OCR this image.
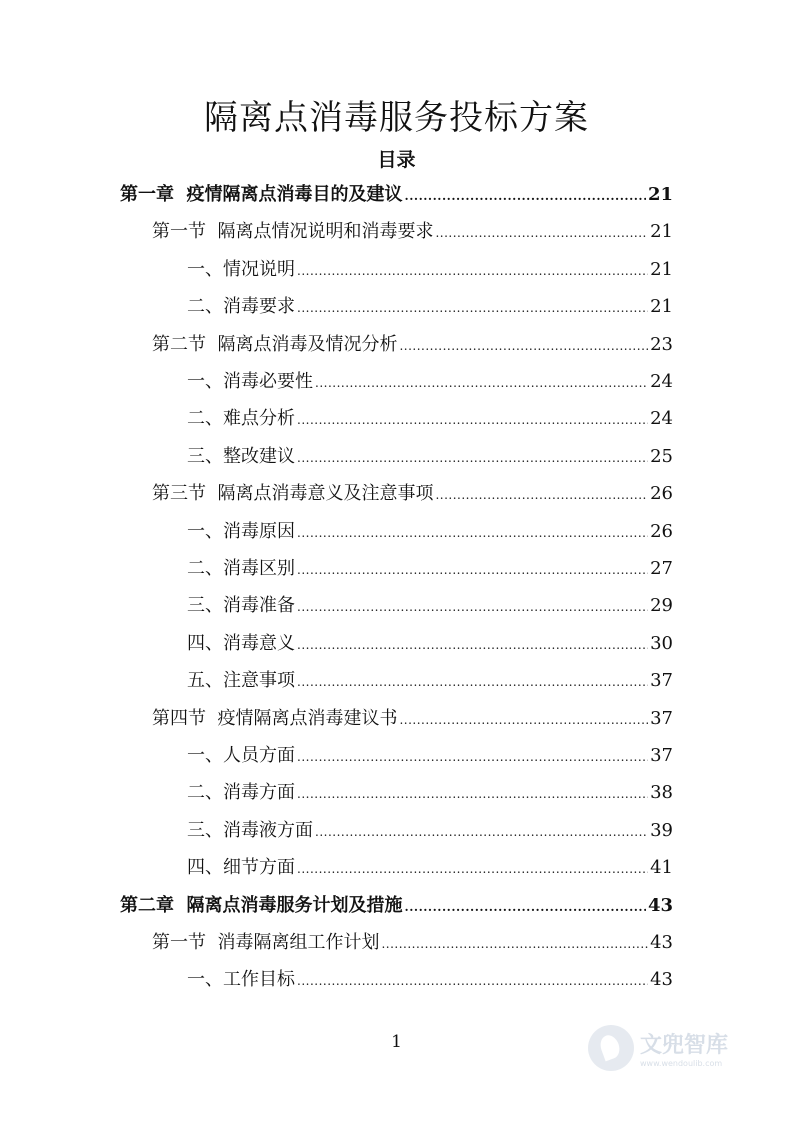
隔离点消毒服务投标方案
目录
第一章  疫情隔离点消毒目的及建议 .....	21
第一节  隔离点情况说明和消毒要求 .....	21
一、情况说明 .....	21
二、消毒要求 .....	21
第二节  隔离点消毒及情况分析 .....	23
一、消毒必要性 .....	24
二、难点分析 .....	24
三、整改建议 .....	25
第三节  隔离点消毒意义及注意事项 .....	26
一、消毒原因 .....	26
二、消毒区别 .....	27
三、消毒准备 .....	29
四、消毒意义 .....	30
五、注意事项 .....	37
第四节  疫情隔离点消毒建议书 .....	37
一、人员方面 .....	37
二、消毒方面 .....	38
三、消毒液方面 .....	39
四、细节方面 .....	41
第二章  隔离点消毒服务计划及措施 .....	43
第一节  消毒隔离组工作计划 .....	43
一、工作目标 .....	43
1	文兜智库
www.wendoulib.com
